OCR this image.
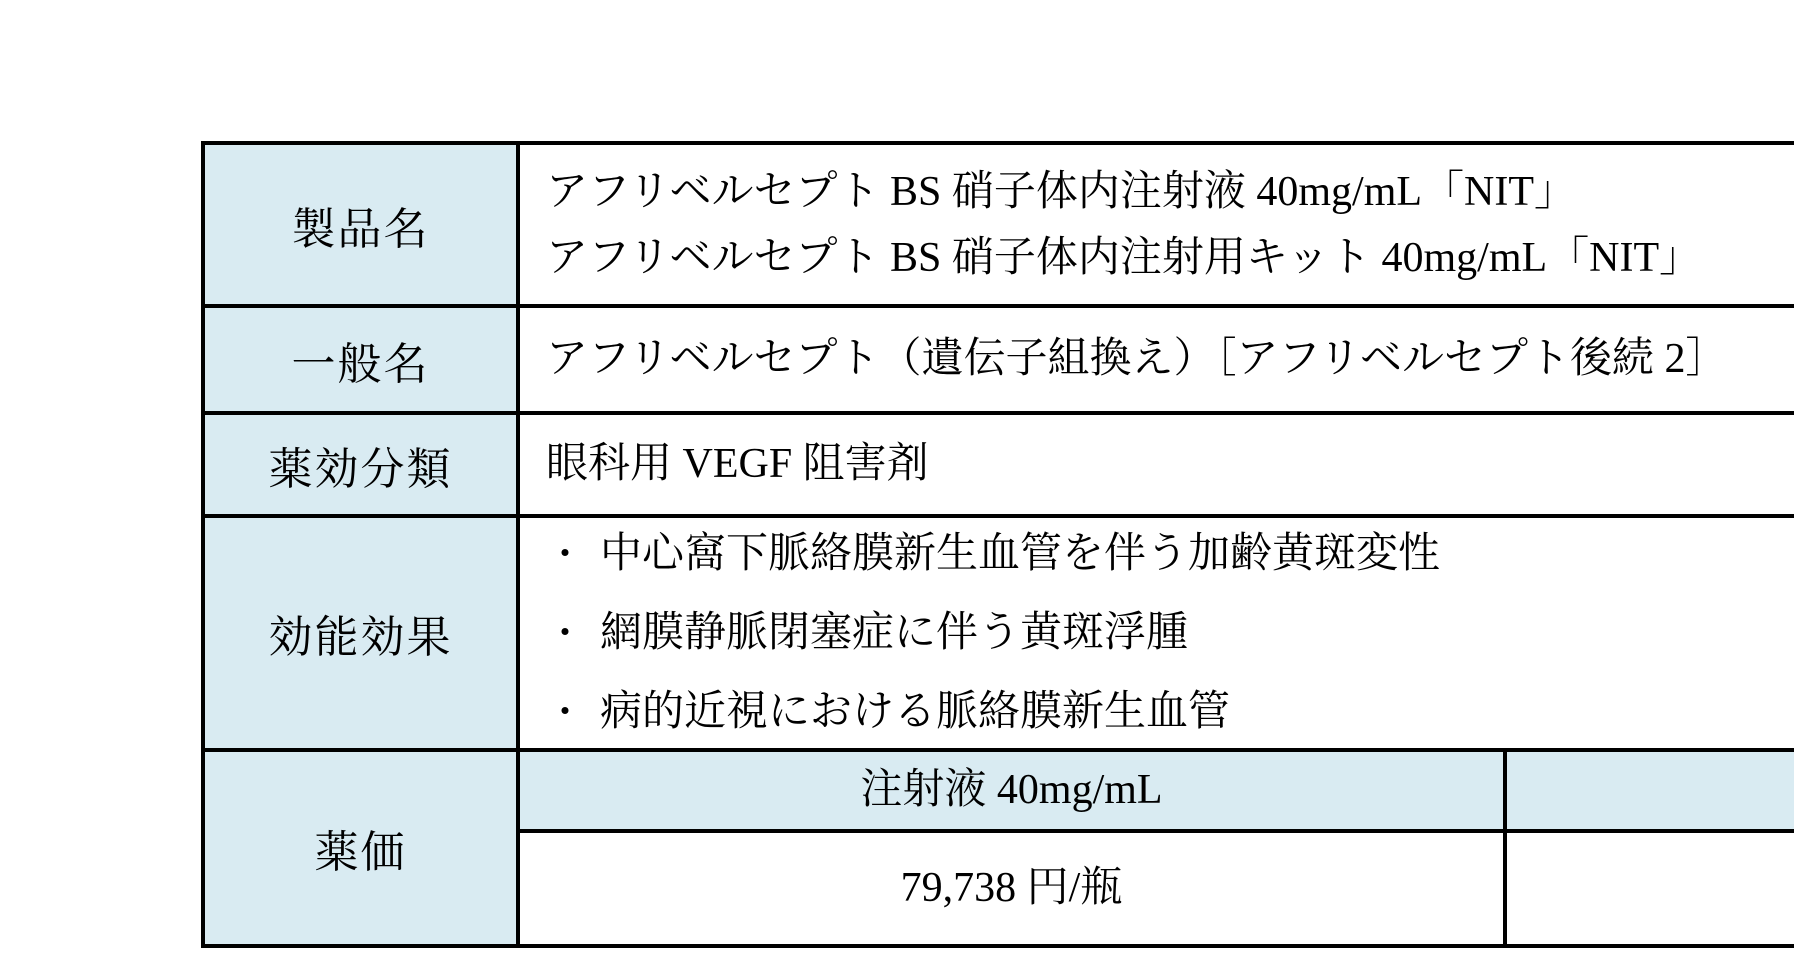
製品名
アフリベルセプト BS 硝子体内注射液 40mg/mL「NIT」
アフリベルセプト BS 硝子体内注射用キット 40mg/mL「NIT」
一般名	アフリベルセプト（遺伝子組換え）［アフリベルセプト後続 2］
薬効分類	眼科用 VEGF 阻害剤
効能効果
・ 中心窩下脈絡膜新生血管を伴う加齢黄斑変性
・ 網膜静脈閉塞症に伴う黄斑浮腫
・ 病的近視における脈絡膜新生血管
薬価
注射液 40mg/mL
79,738 円/瓶
